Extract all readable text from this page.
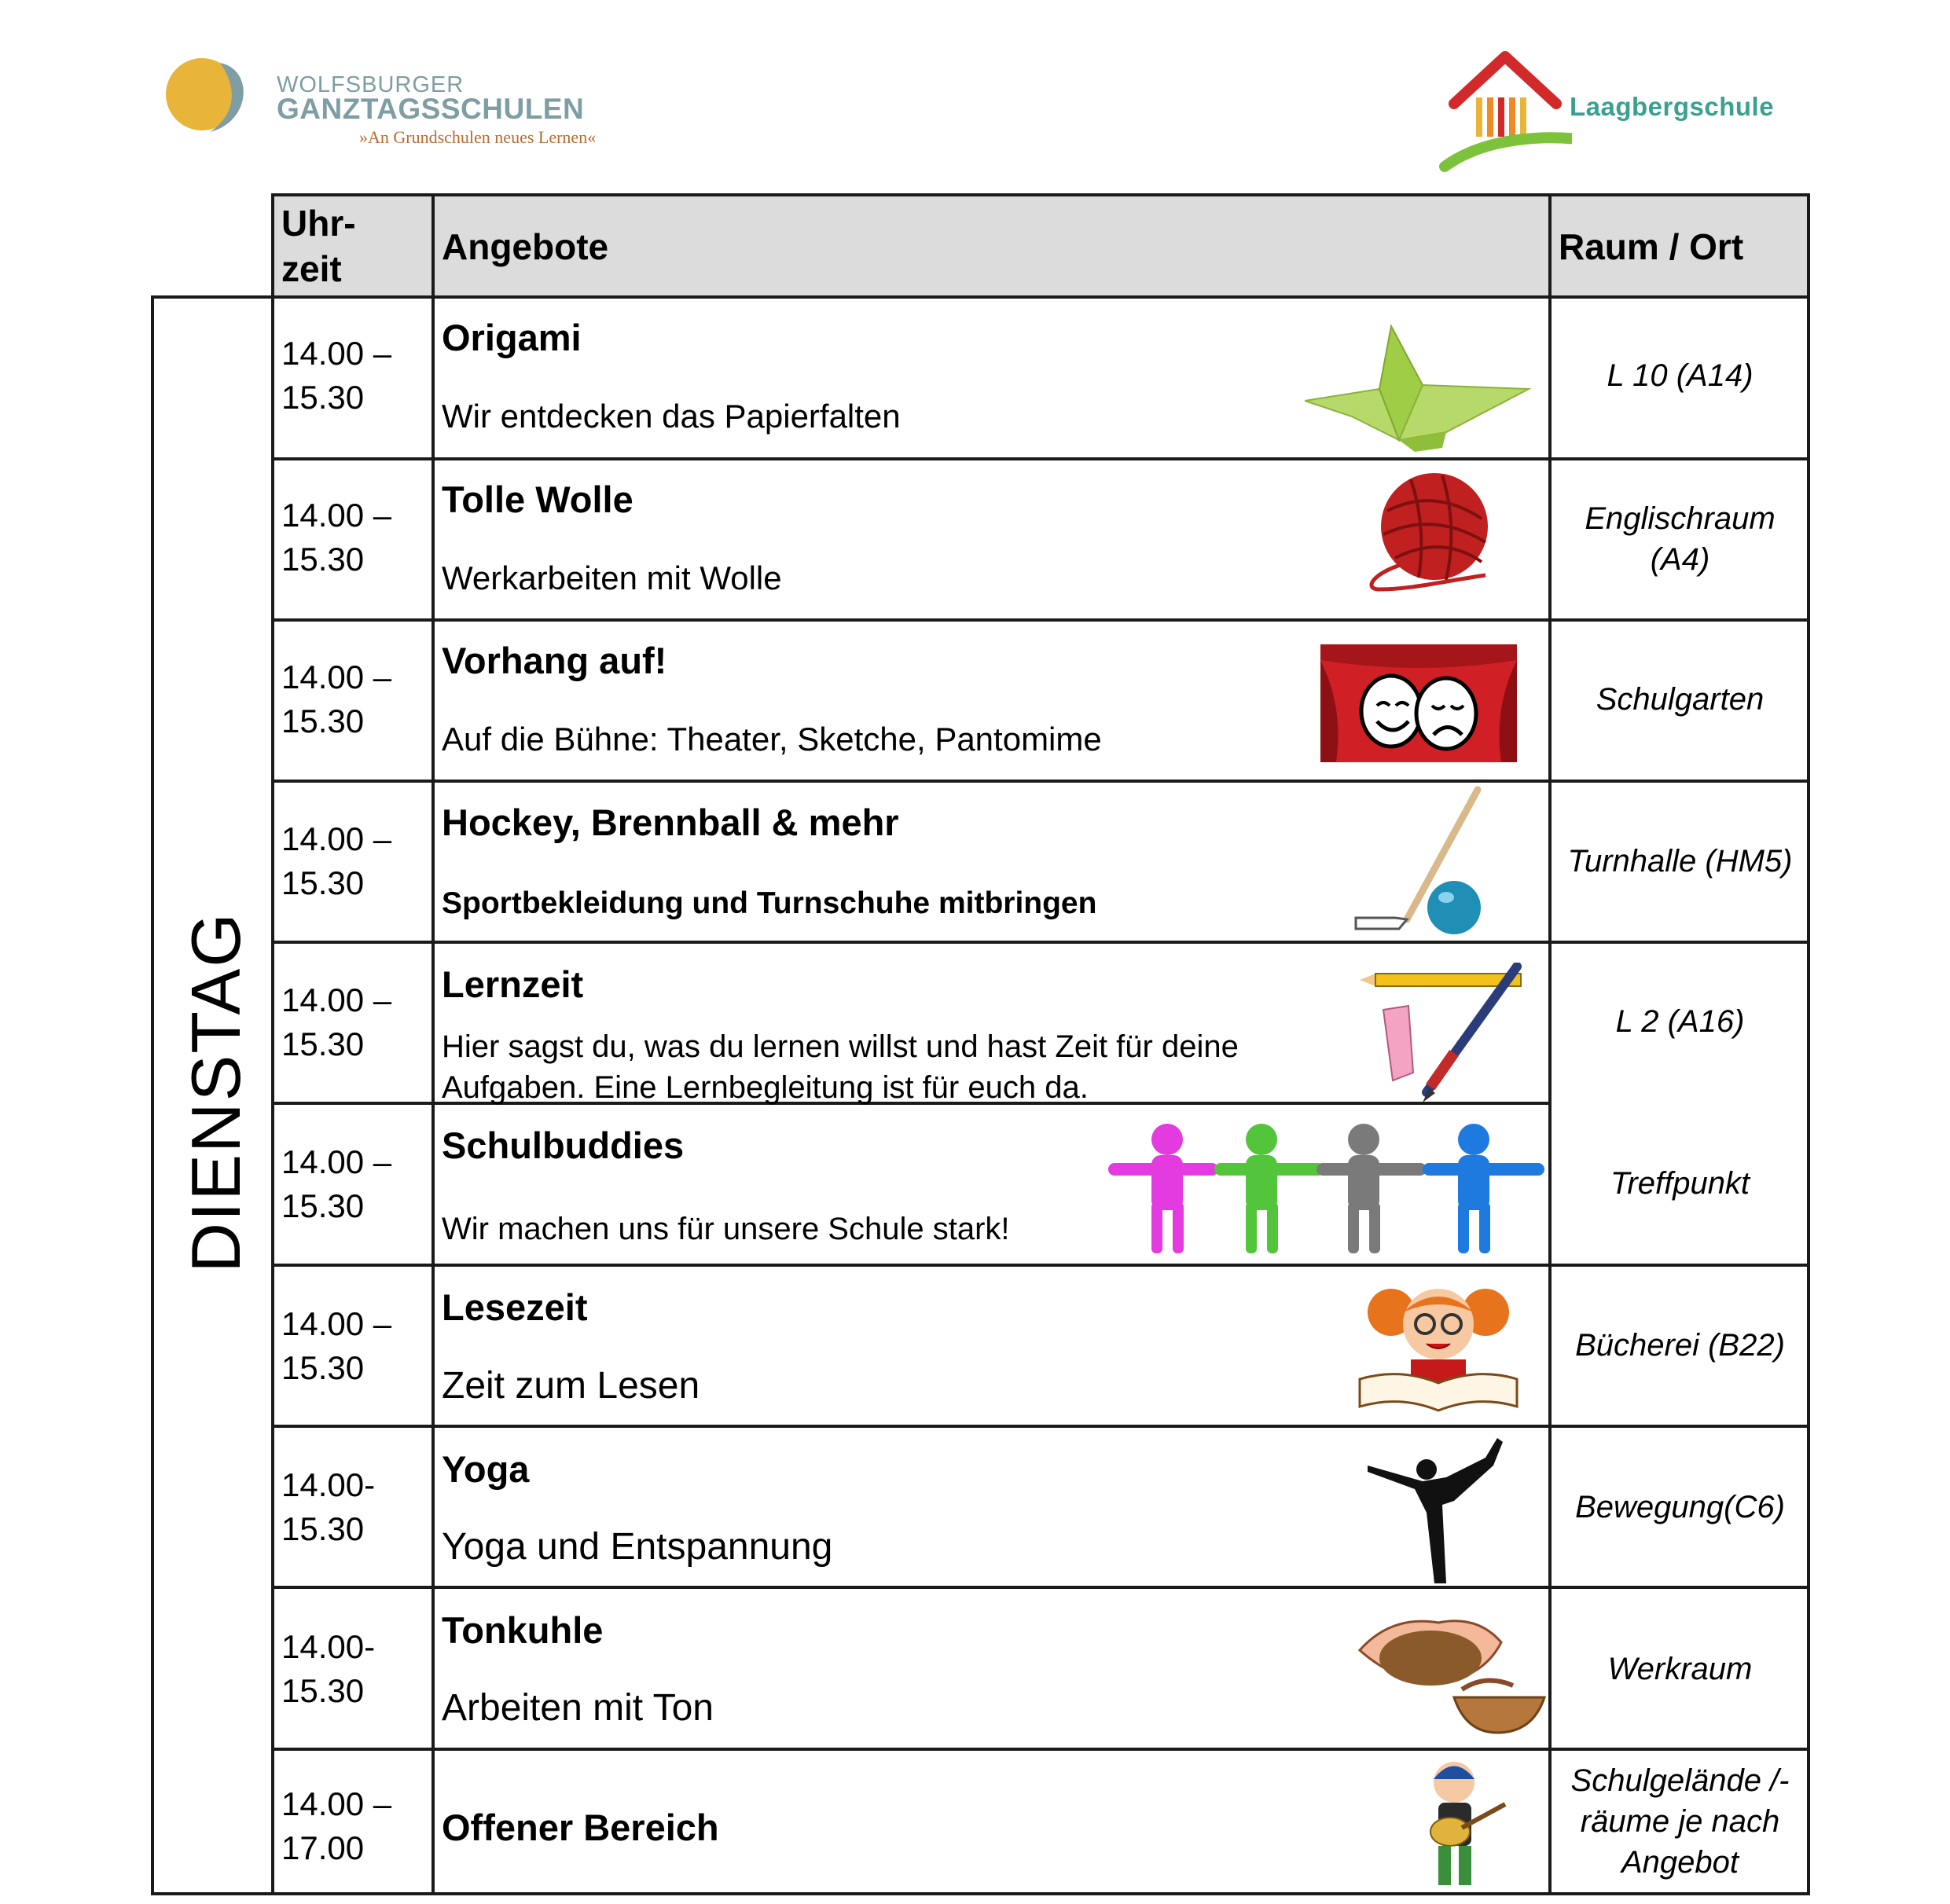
WOLFSBURGER
GANZTAGSSCHULEN
»An Grundschulen neues Lernen«
Laagbergschule
Uhr-
zeit
Angebote	Raum / Ort
DIENSTAG
14.00 –
15.30
Origami
Wir entdecken das Papierfalten
L 10 (A14)
14.00 –
15.30
Tolle Wolle
Werkarbeiten mit Wolle
Englischraum (A4)
14.00 –
15.30
Vorhang auf!
Auf die Bühne: Theater, Sketche, Pantomime
Schulgarten
14.00 –
15.30
Hockey, Brennball & mehr
Sportbekleidung und Turnschuhe mitbringen
Turnhalle (HM5)
14.00 –
15.30
Lernzeit
Hier sagst du, was du lernen willst und hast Zeit für deine
Aufgaben. Eine Lernbegleitung ist für euch da.
L 2 (A16)
14.00 –
15.30
Schulbuddies
Wir machen uns für unsere Schule stark!
Treffpunkt
14.00 –
15.30
Lesezeit
Zeit zum Lesen
Bücherei (B22)
14.00-
15.30
Yoga
Yoga und Entspannung
Bewegung(C6)
14.00-
15.30
Tonkuhle
Arbeiten mit Ton
Werkraum
14.00 –
17.00	Offener Bereich
Schulgelände /-
räume je nach
Angebot
